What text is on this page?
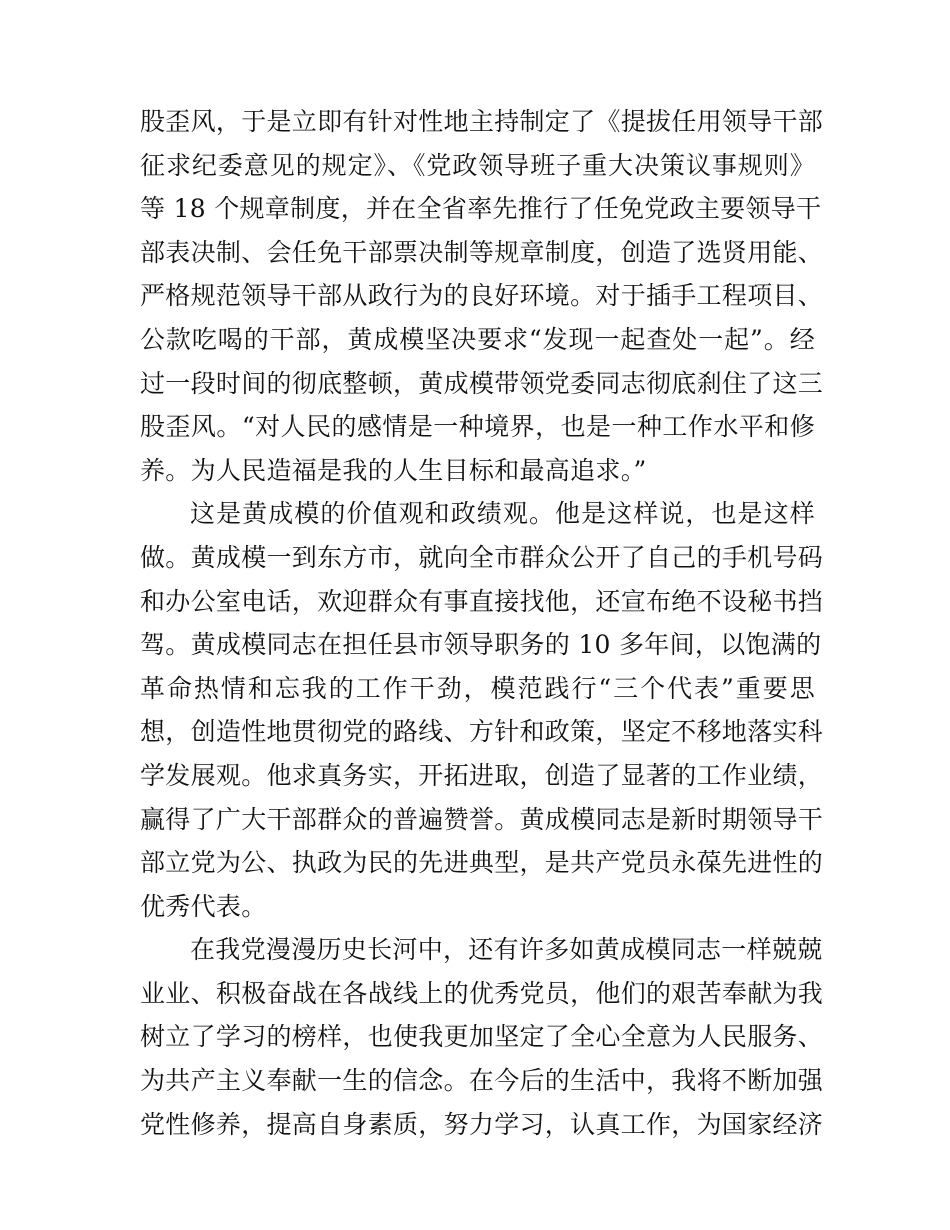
股歪风，于是立即有针对性地主持制定了《提拔任用领导干部
征求纪委意见的规定》、《党政领导班子重大决策议事规则》
等 18 个规章制度，并在全省率先推行了任免党政主要领导干
部表决制、会任免干部票决制等规章制度，创造了选贤用能、
严格规范领导干部从政行为的良好环境。对于插手工程项目、
公款吃喝的干部，黄成模坚决要求“发现一起查处一起”。经
过一段时间的彻底整顿，黄成模带领党委同志彻底刹住了这三
股歪风。“对人民的感情是一种境界，也是一种工作水平和修
养。为人民造福是我的人生目标和最高追求。”

这是黄成模的价值观和政绩观。他是这样说，也是这样
做。黄成模一到东方市，就向全市群众公开了自己的手机号码
和办公室电话，欢迎群众有事直接找他，还宣布绝不设秘书挡
驾。黄成模同志在担任县市领导职务的 10 多年间，以饱满的
革命热情和忘我的工作干劲，模范践行“三个代表”重要思
想，创造性地贯彻党的路线、方针和政策，坚定不移地落实科
学发展观。他求真务实，开拓进取，创造了显著的工作业绩，
赢得了广大干部群众的普遍赞誉。黄成模同志是新时期领导干
部立党为公、执政为民的先进典型，是共产党员永葆先进性的
优秀代表。

在我党漫漫历史长河中，还有许多如黄成模同志一样兢兢
业业、积极奋战在各战线上的优秀党员，他们的艰苦奉献为我
树立了学习的榜样，也使我更加坚定了全心全意为人民服务、
为共产主义奉献一生的信念。在今后的生活中，我将不断加强
党性修养，提高自身素质，努力学习，认真工作，为国家经济
